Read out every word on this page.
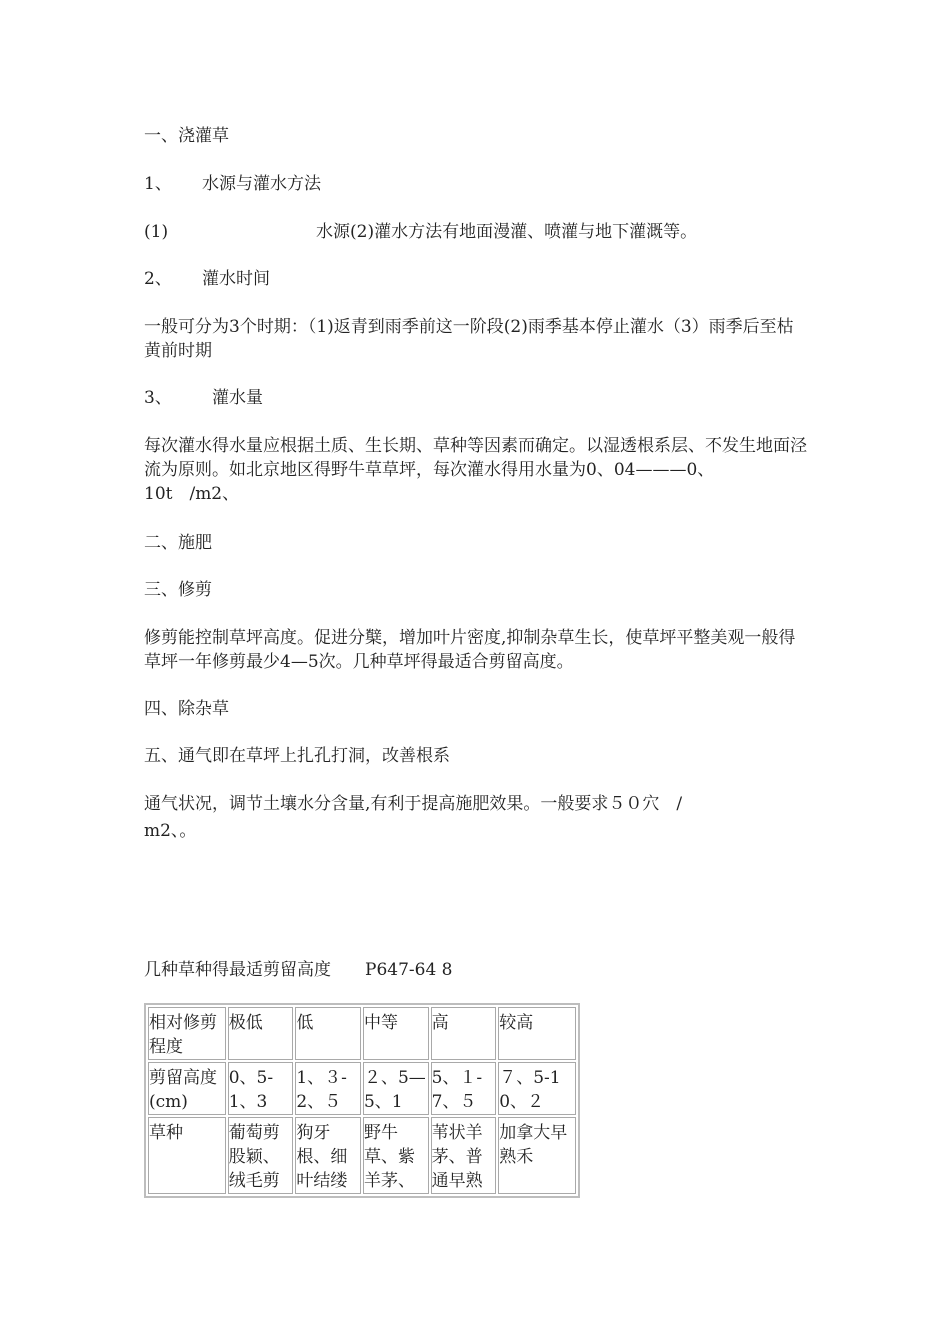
一、浇灌草
1、 水源与灌水方法
(1)	水源(2)灌水方法有地面漫灌、喷灌与地下灌溉等。
2、 灌水时间
一般可分为3个时期：（1)返青到雨季前这一阶段(2)雨季基本停止灌水（3）雨季后至枯黄前时期
3、 灌水量
每次灌水得水量应根据土质、生长期、草种等因素而确定。以湿透根系层、不发生地面泾流为原则。如北京地区得野牛草草坪，每次灌水得用水量为0、04———0、10t　/m2、
二、施肥
三、修剪
修剪能控制草坪高度。促进分櫱，增加叶片密度,抑制杂草生长，使草坪平整美观一般得草坪一年修剪最少4—5次。几种草坪得最适合剪留高度。
四、除杂草
五、通气即在草坪上扎孔打洞，改善根系
通气状况，调节土壤水分含量,有利于提高施肥效果。一般要求５０穴　/
m2、。
几种草种得最适剪留高度　　P647-64 8
相对修剪程度	极低	低	中等	高	较高
剪留高度(cm)	0、5-1、3	1、３-2、５	２、5—5、1	5、１-7、５	７、5-10、２
草种	葡萄剪股颖、绒毛剪	狗牙根、细叶结缕	野牛草、紫羊茅、	苇状羊茅、普通早熟	加拿大早熟禾
